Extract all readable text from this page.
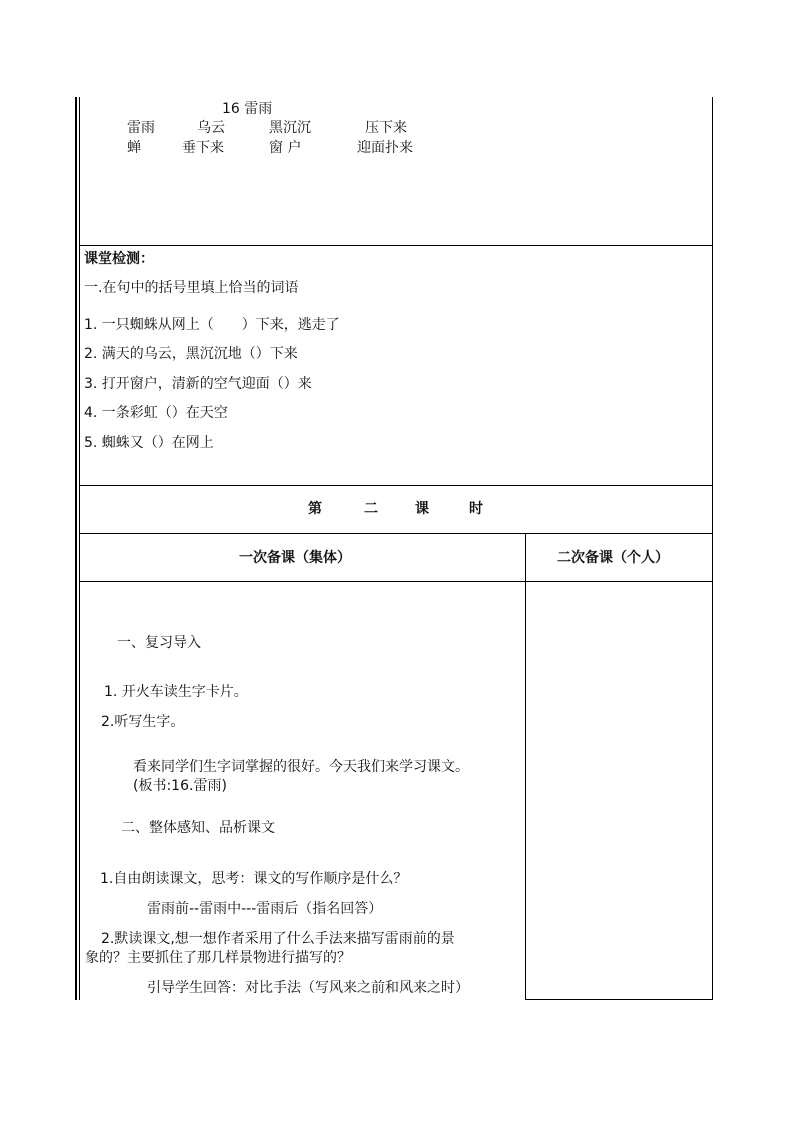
16 雷雨
雷雨	乌云	黑沉沉	压下来
蝉	垂下来	窗 户	迎面扑来
课堂检测：
一.在句中的括号里填上恰当的词语
1. 一只蜘蛛从网上（　　）下来，逃走了
2. 满天的乌云，黑沉沉地（）下来
3. 打开窗户，清新的空气迎面（）来
4. 一条彩虹（）在天空
5. 蜘蛛又（）在网上
第	二	课	时
一次备课（集体）	二次备课（个人）
一、复习导入
1. 开火车读生字卡片。
2.听写生字。
看来同学们生字词掌握的很好。今天我们来学习课文。
(板书:16.雷雨)
二、整体感知、品析课文
1.自由朗读课文，思考：课文的写作顺序是什么？
雷雨前--雷雨中---雷雨后（指名回答）
2.默读课文,想一想作者采用了什么手法来描写雷雨前的景
象的？主要抓住了那几样景物进行描写的？
引导学生回答：对比手法（写风来之前和风来之时）
